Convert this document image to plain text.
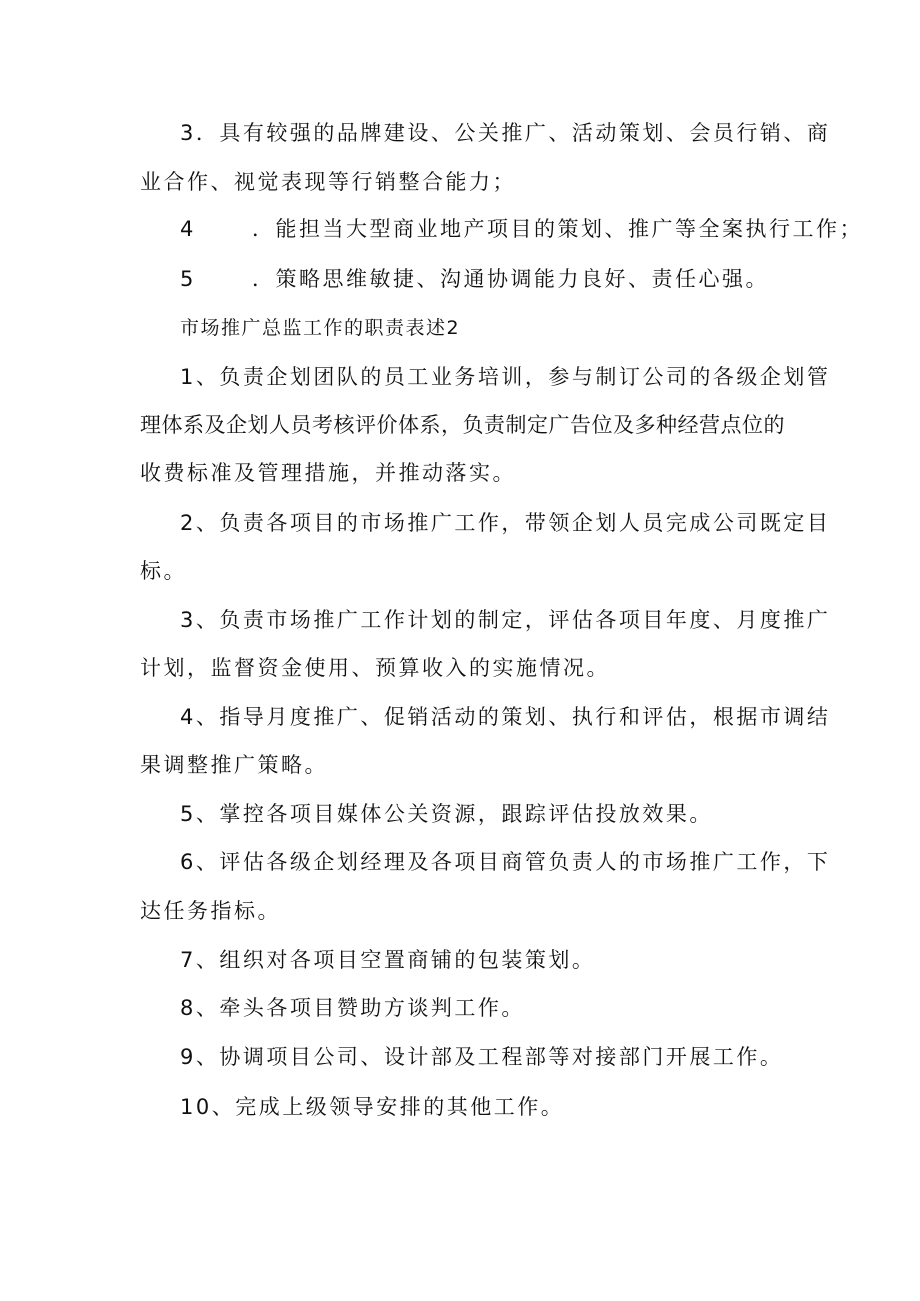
3．具有较强的品牌建设、公关推广、活动策划、会员行销、商
业合作、视觉表现等行销整合能力；
4	．能担当大型商业地产项目的策划、推广等全案执行工作；
5	．策略思维敏捷、沟通协调能力良好、责任心强。
市场推广总监工作的职责表述2
1、负责企划团队的员工业务培训，参与制订公司的各级企划管
理体系及企划人员考核评价体系，负责制定广告位及多种经营点位的
收费标准及管理措施，并推动落实。
2、负责各项目的市场推广工作，带领企划人员完成公司既定目
标。
3、负责市场推广工作计划的制定，评估各项目年度、月度推广
计划，监督资金使用、预算收入的实施情况。
4、指导月度推广、促销活动的策划、执行和评估，根据市调结
果调整推广策略。
5、掌控各项目媒体公关资源，跟踪评估投放效果。
6、评估各级企划经理及各项目商管负责人的市场推广工作，下
达任务指标。
7、组织对各项目空置商铺的包装策划。
8、牵头各项目赞助方谈判工作。
9、协调项目公司、设计部及工程部等对接部门开展工作。
10、完成上级领导安排的其他工作。
